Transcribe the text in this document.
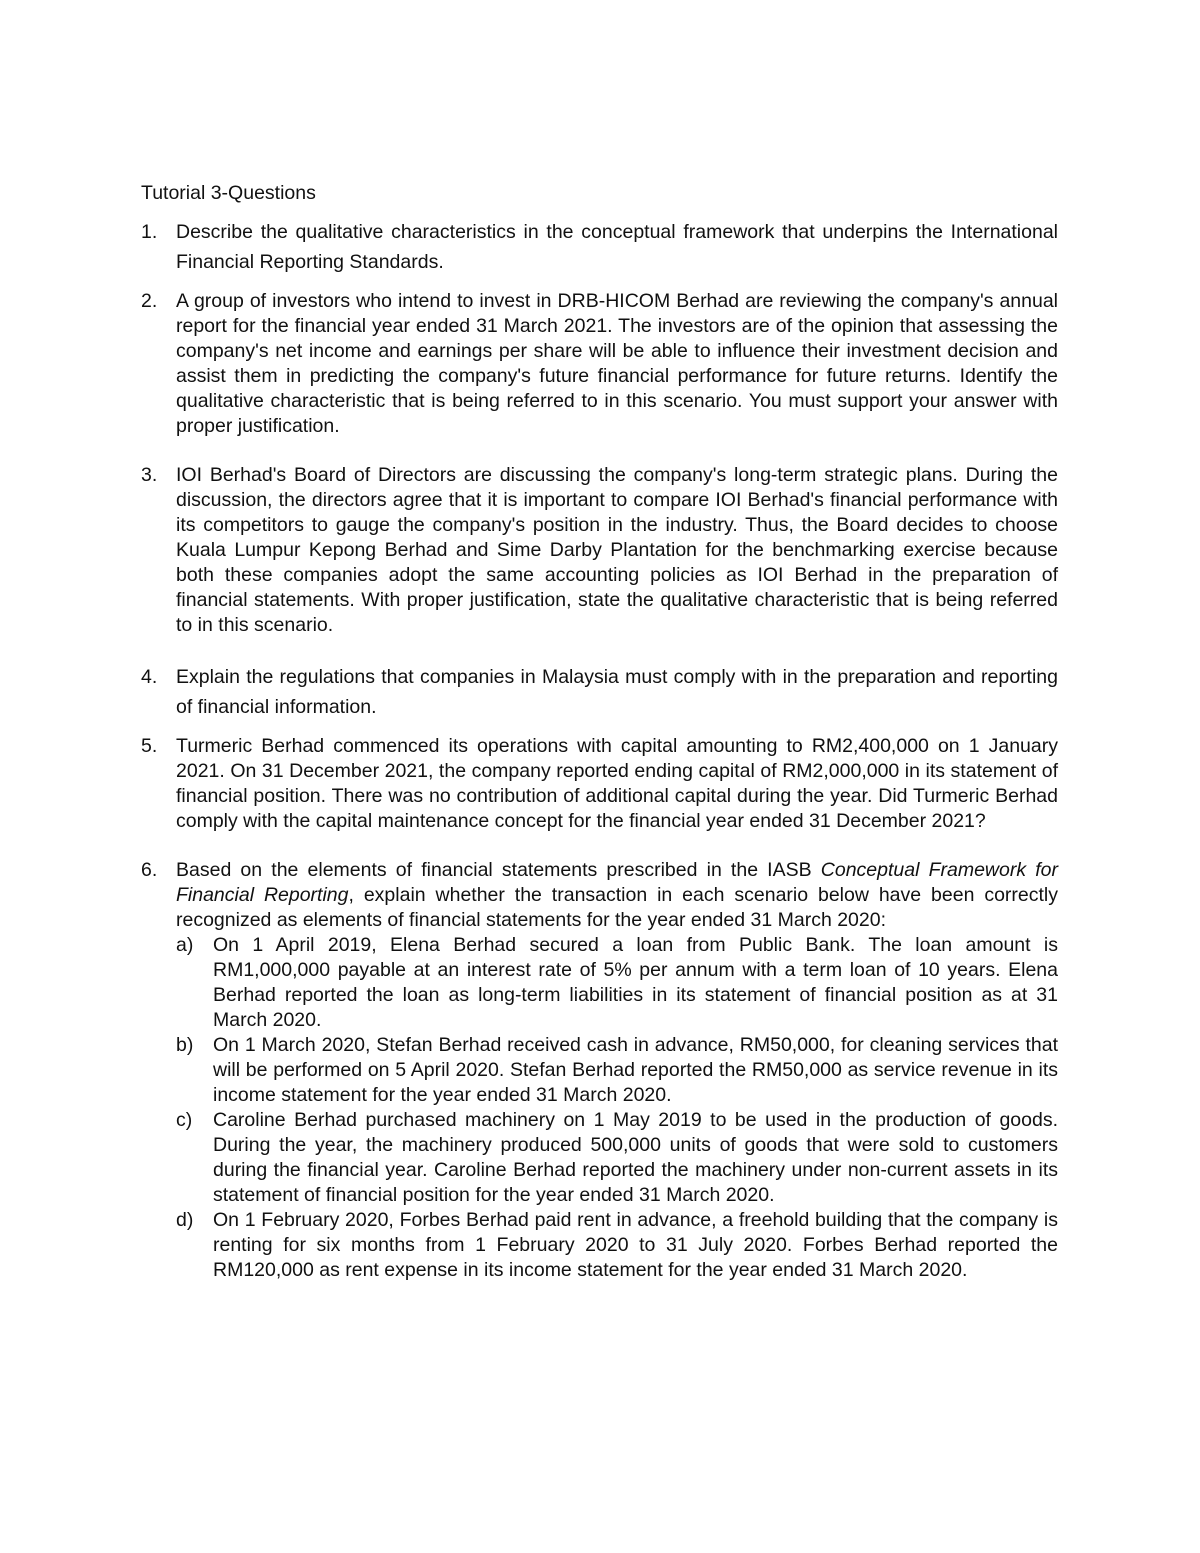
Tutorial 3-Questions

1. Describe the qualitative characteristics in the conceptual framework that underpins the International Financial Reporting Standards.

2. A group of investors who intend to invest in DRB-HICOM Berhad are reviewing the company's annual report for the financial year ended 31 March 2021. The investors are of the opinion that assessing the company's net income and earnings per share will be able to influence their investment decision and assist them in predicting the company's future financial performance for future returns. Identify the qualitative characteristic that is being referred to in this scenario. You must support your answer with proper justification.

3. IOI Berhad's Board of Directors are discussing the company's long-term strategic plans. During the discussion, the directors agree that it is important to compare IOI Berhad's financial performance with its competitors to gauge the company's position in the industry. Thus, the Board decides to choose Kuala Lumpur Kepong Berhad and Sime Darby Plantation for the benchmarking exercise because both these companies adopt the same accounting policies as IOI Berhad in the preparation of financial statements. With proper justification, state the qualitative characteristic that is being referred to in this scenario.

4. Explain the regulations that companies in Malaysia must comply with in the preparation and reporting of financial information.

5. Turmeric Berhad commenced its operations with capital amounting to RM2,400,000 on 1 January 2021. On 31 December 2021, the company reported ending capital of RM2,000,000 in its statement of financial position. There was no contribution of additional capital during the year. Did Turmeric Berhad comply with the capital maintenance concept for the financial year ended 31 December 2021?

6. Based on the elements of financial statements prescribed in the IASB Conceptual Framework for Financial Reporting, explain whether the transaction in each scenario below have been correctly recognized as elements of financial statements for the year ended 31 March 2020:

a) On 1 April 2019, Elena Berhad secured a loan from Public Bank. The loan amount is RM1,000,000 payable at an interest rate of 5% per annum with a term loan of 10 years. Elena Berhad reported the loan as long-term liabilities in its statement of financial position as at 31 March 2020.

b) On 1 March 2020, Stefan Berhad received cash in advance, RM50,000, for cleaning services that will be performed on 5 April 2020. Stefan Berhad reported the RM50,000 as service revenue in its income statement for the year ended 31 March 2020.

c) Caroline Berhad purchased machinery on 1 May 2019 to be used in the production of goods. During the year, the machinery produced 500,000 units of goods that were sold to customers during the financial year. Caroline Berhad reported the machinery under non-current assets in its statement of financial position for the year ended 31 March 2020.

d) On 1 February 2020, Forbes Berhad paid rent in advance, a freehold building that the company is renting for six months from 1 February 2020 to 31 July 2020. Forbes Berhad reported the RM120,000 as rent expense in its income statement for the year ended 31 March 2020.
